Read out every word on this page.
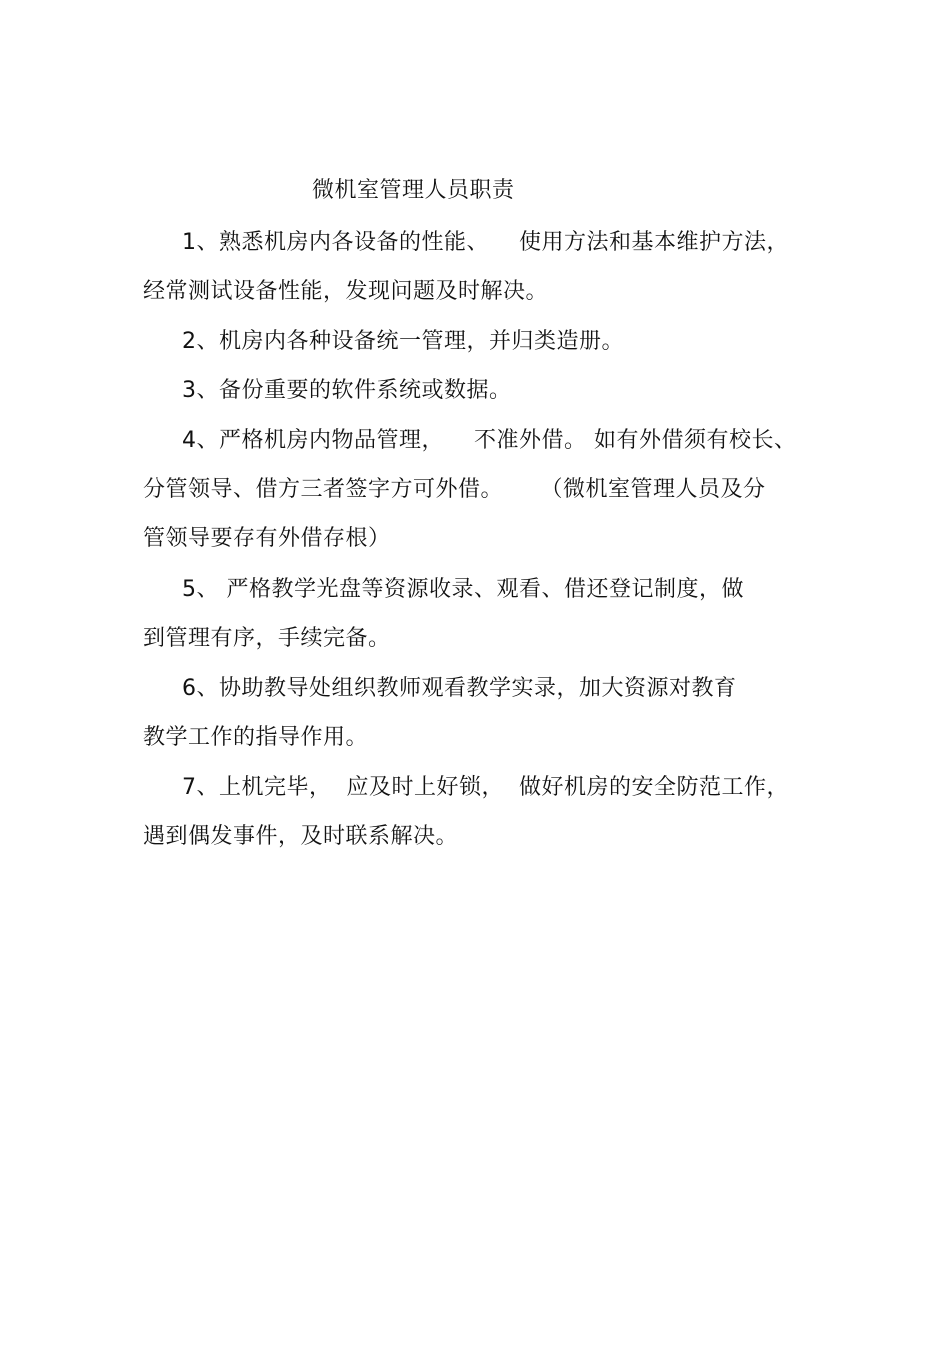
微机室管理人员职责
1、熟悉机房内各设备的性能、    使用方法和基本维护方法，
经常测试设备性能，发现问题及时解决。
2、机房内各种设备统一管理，并归类造册。
3、备份重要的软件系统或数据。
4、严格机房内物品管理，    不准外借。 如有外借须有校长、
分管领导、借方三者签字方可外借。     （微机室管理人员及分
管领导要存有外借存根）
5、 严格教学光盘等资源收录、观看、借还登记制度，做
到管理有序，手续完备。
6、协助教导处组织教师观看教学实录，加大资源对教育
教学工作的指导作用。
7、上机完毕，  应及时上好锁，  做好机房的安全防范工作，
遇到偶发事件，及时联系解决。
